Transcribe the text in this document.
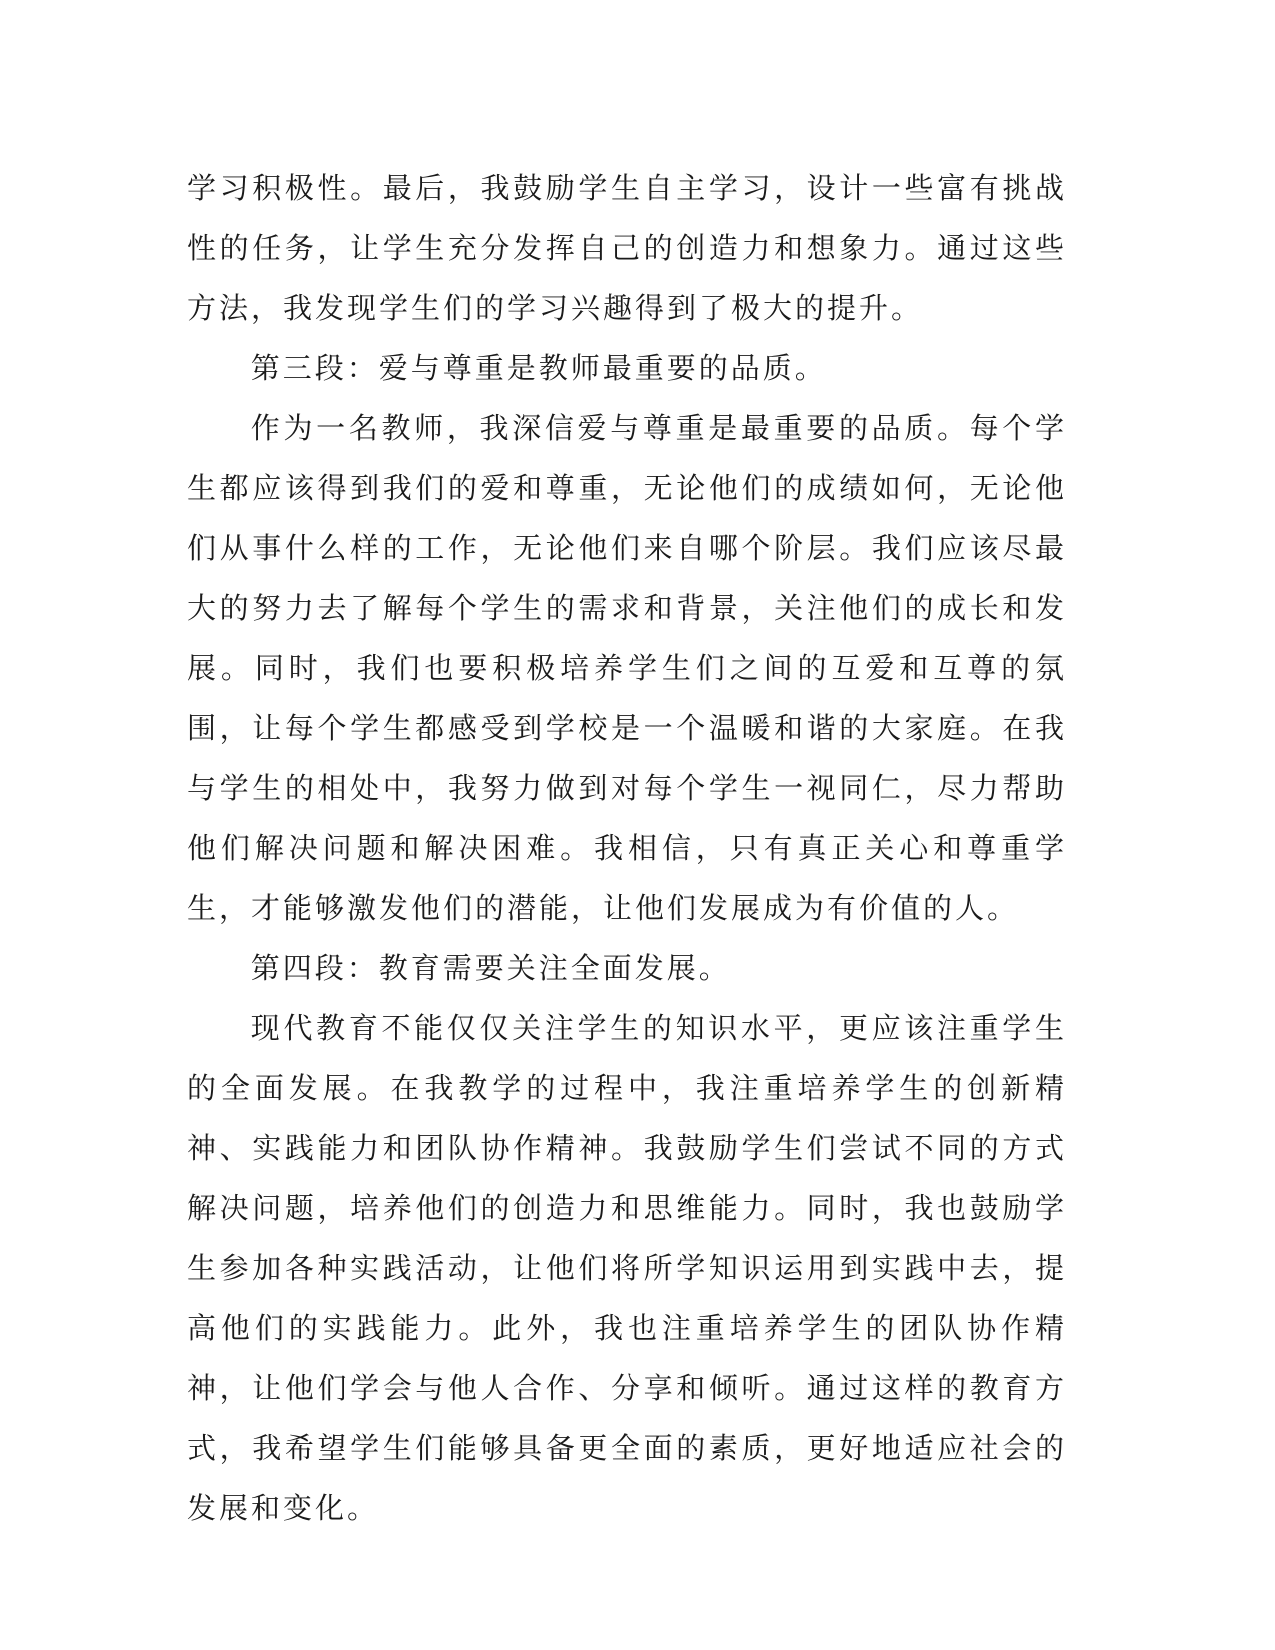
学习积极性。最后，我鼓励学生自主学习，设计一些富有挑战性的任务，让学生充分发挥自己的创造力和想象力。通过这些方法，我发现学生们的学习兴趣得到了极大的提升。

第三段：爱与尊重是教师最重要的品质。

作为一名教师，我深信爱与尊重是最重要的品质。每个学生都应该得到我们的爱和尊重，无论他们的成绩如何，无论他们从事什么样的工作，无论他们来自哪个阶层。我们应该尽最大的努力去了解每个学生的需求和背景，关注他们的成长和发展。同时，我们也要积极培养学生们之间的互爱和互尊的氛围，让每个学生都感受到学校是一个温暖和谐的大家庭。在我与学生的相处中，我努力做到对每个学生一视同仁，尽力帮助他们解决问题和解决困难。我相信，只有真正关心和尊重学生，才能够激发他们的潜能，让他们发展成为有价值的人。

第四段：教育需要关注全面发展。

现代教育不能仅仅关注学生的知识水平，更应该注重学生的全面发展。在我教学的过程中，我注重培养学生的创新精神、实践能力和团队协作精神。我鼓励学生们尝试不同的方式解决问题，培养他们的创造力和思维能力。同时，我也鼓励学生参加各种实践活动，让他们将所学知识运用到实践中去，提高他们的实践能力。此外，我也注重培养学生的团队协作精神，让他们学会与他人合作、分享和倾听。通过这样的教育方式，我希望学生们能够具备更全面的素质，更好地适应社会的发展和变化。
